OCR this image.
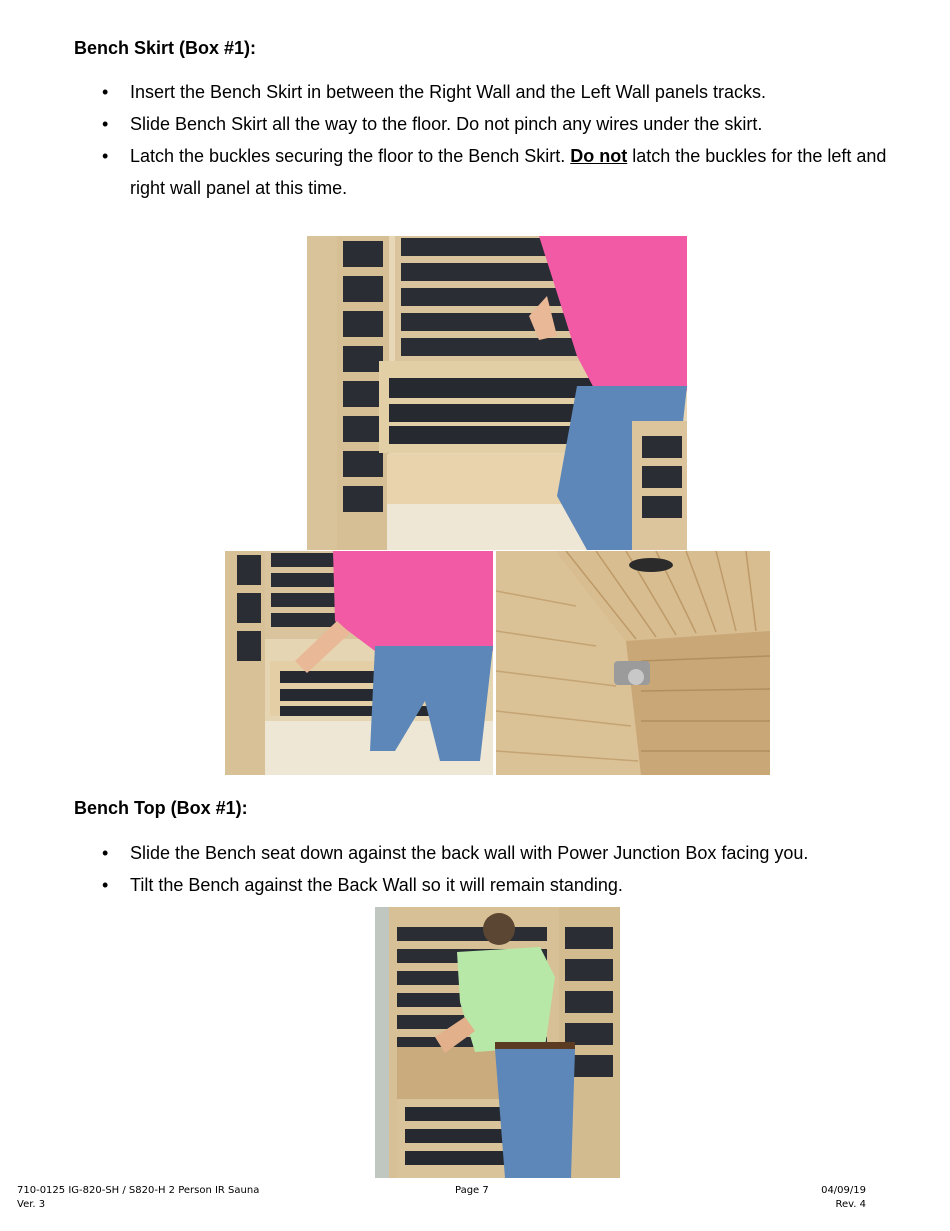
Bench Skirt (Box #1):
• Insert the Bench Skirt in between the Right Wall and the Left Wall panels tracks.
• Slide Bench Skirt all the way to the floor. Do not pinch any wires under the skirt.
• Latch the buckles securing the floor to the Bench Skirt. Do not latch the buckles for the left and right wall panel at this time.
Bench Top (Box #1):
• Slide the Bench seat down against the back wall with Power Junction Box facing you.
• Tilt the Bench against the Back Wall so it will remain standing.
710-0125 IG-820-SH / S820-H 2 Person IR Sauna
Ver. 3
Page 7	04/09/19
Rev. 4
